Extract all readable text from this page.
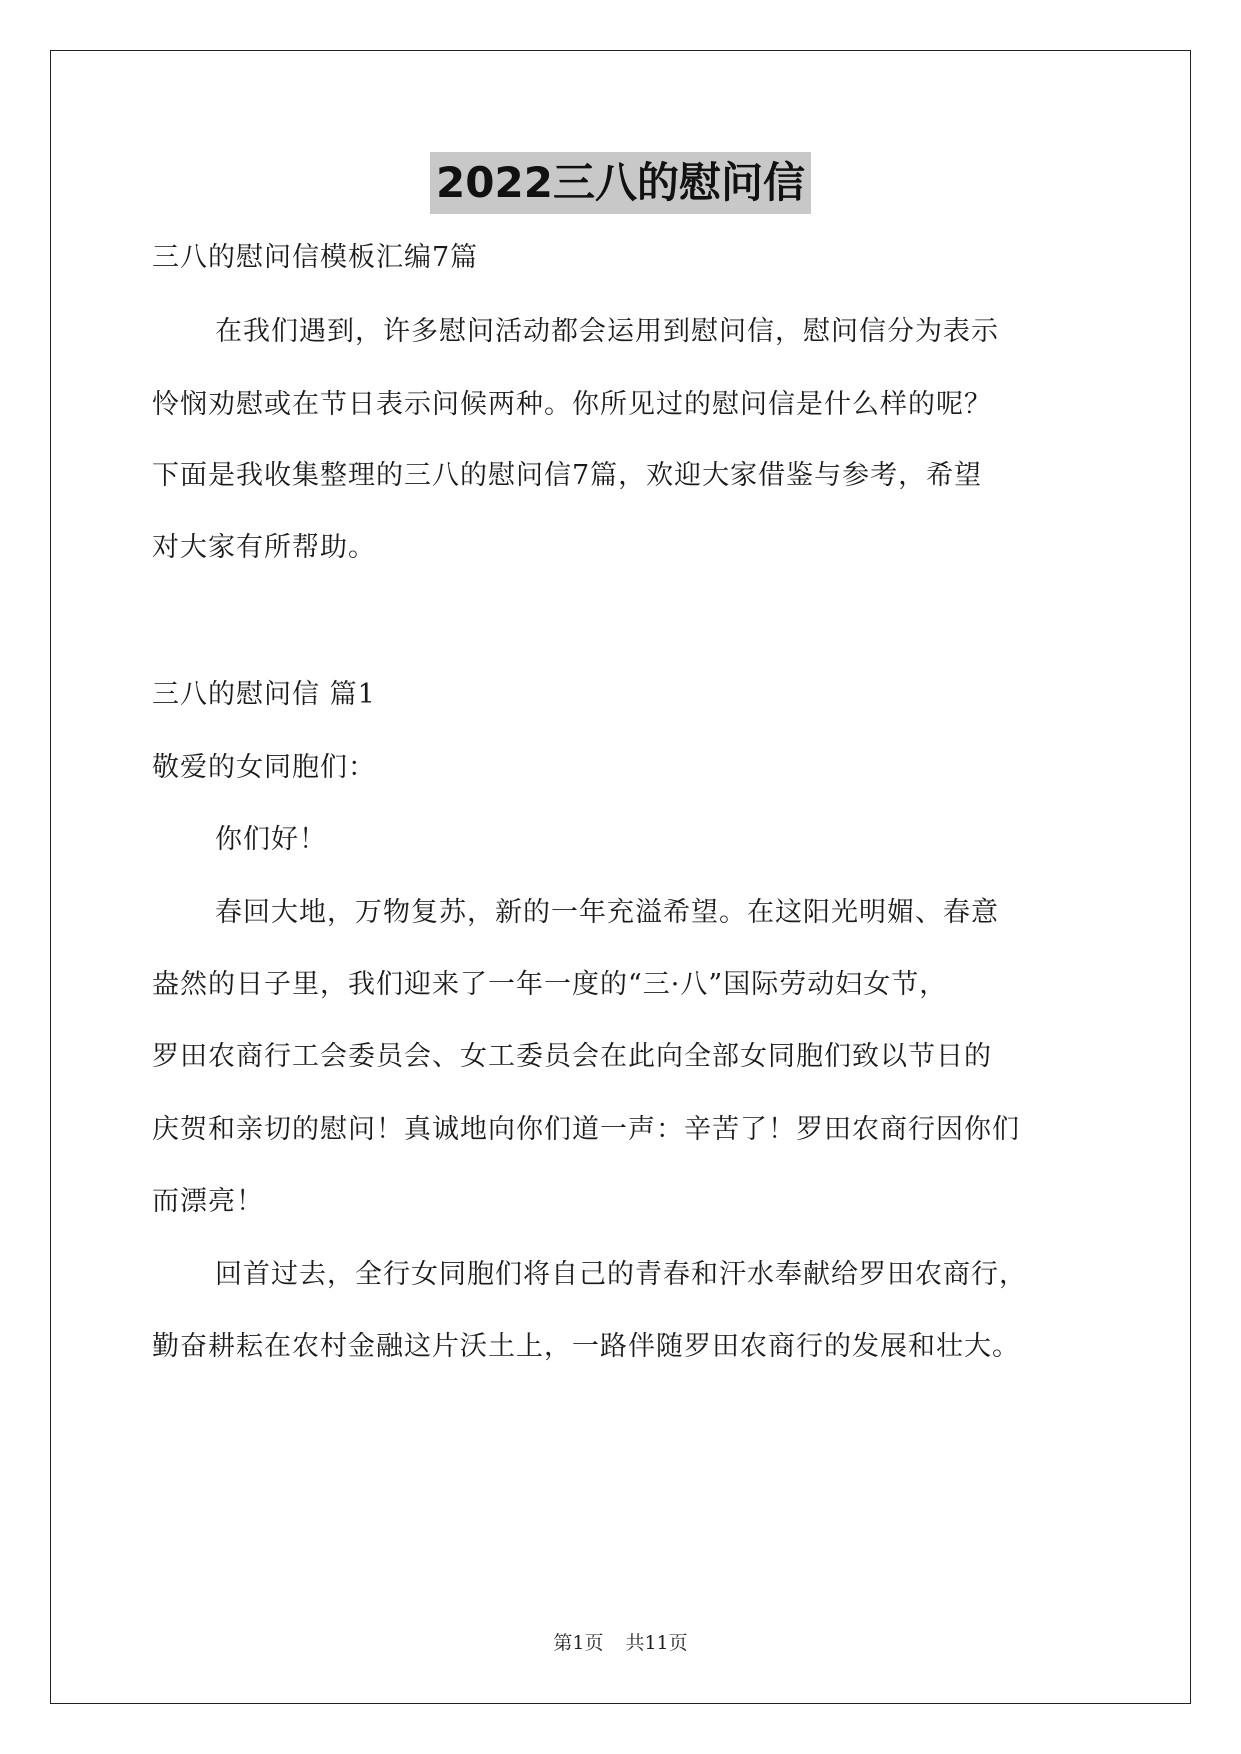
2022三八的慰问信
三八的慰问信模板汇编7篇
在我们遇到，许多慰问活动都会运用到慰问信，慰问信分为表示
怜悯劝慰或在节日表示问候两种。你所见过的慰问信是什么样的呢？
下面是我收集整理的三八的慰问信7篇，欢迎大家借鉴与参考，希望
对大家有所帮助。
三八的慰问信 篇1
敬爱的女同胞们：
你们好！
春回大地，万物复苏，新的一年充溢希望。在这阳光明媚、春意
盎然的日子里，我们迎来了一年一度的“三·八”国际劳动妇女节，
罗田农商行工会委员会、女工委员会在此向全部女同胞们致以节日的
庆贺和亲切的慰问！真诚地向你们道一声：辛苦了！罗田农商行因你们
而漂亮！
回首过去，全行女同胞们将自己的青春和汗水奉献给罗田农商行，
勤奋耕耘在农村金融这片沃土上，一路伴随罗田农商行的发展和壮大。
第1页 共11页
